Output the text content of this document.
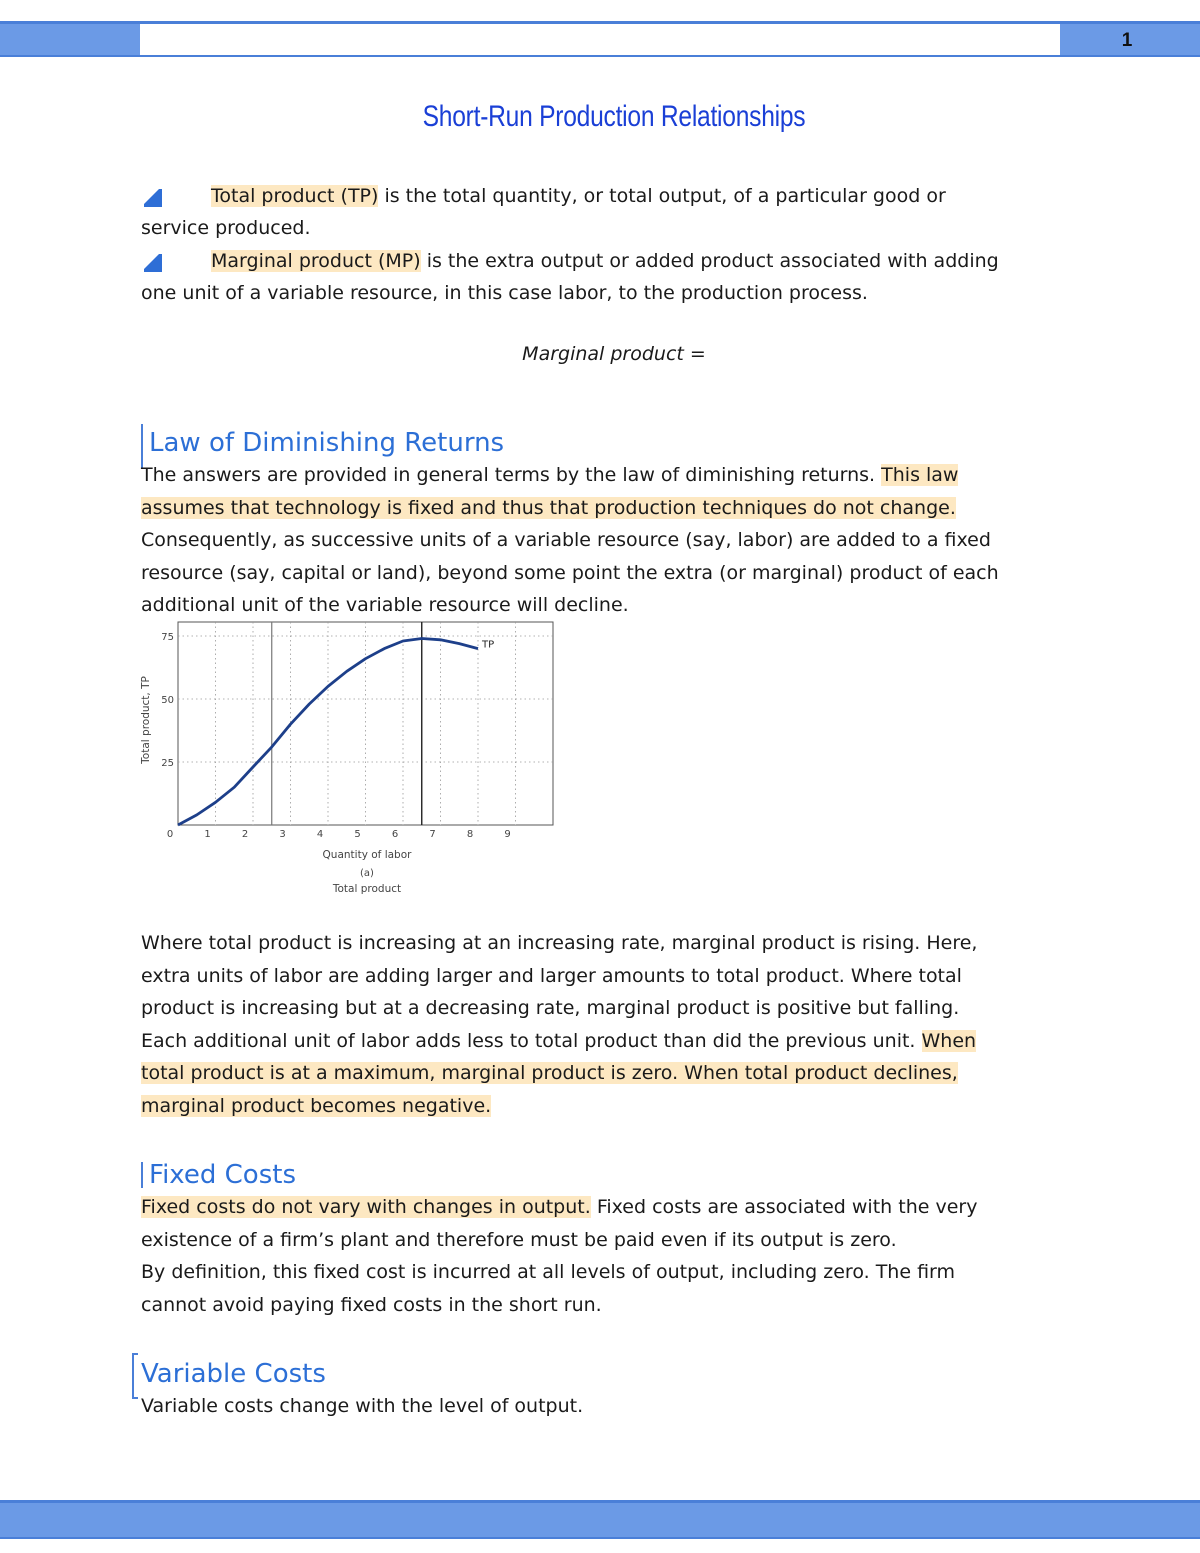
1
Short-Run Production Relationships
Total product (TP) is the total quantity, or total output, of a particular good or
service produced.
Marginal product (MP) is the extra output or added product associated with adding
one unit of a variable resource, in this case labor, to the production process.
Marginal product =
Law of Diminishing Returns
The answers are provided in general terms by the law of diminishing returns. This law
assumes that technology is fixed and thus that production techniques do not change.
Consequently, as successive units of a variable resource (say, labor) are added to a fixed
resource (say, capital or land), beyond some point the extra (or marginal) product of each
additional unit of the variable resource will decline.
TP
25
50
75
0	1	2	3	4	5	6	7	8	9
Quantity of labor
(a)
Total product
Total product, TP
Where total product is increasing at an increasing rate, marginal product is rising. Here,
extra units of labor are adding larger and larger amounts to total product. Where total
product is increasing but at a decreasing rate, marginal product is positive but falling.
Each additional unit of labor adds less to total product than did the previous unit. When
total product is at a maximum, marginal product is zero. When total product declines,
marginal product becomes negative.
Fixed Costs
Fixed costs do not vary with changes in output. Fixed costs are associated with the very
existence of a firm’s plant and therefore must be paid even if its output is zero.
By definition, this fixed cost is incurred at all levels of output, including zero. The firm
cannot avoid paying fixed costs in the short run.
Variable Costs
Variable costs change with the level of output.
